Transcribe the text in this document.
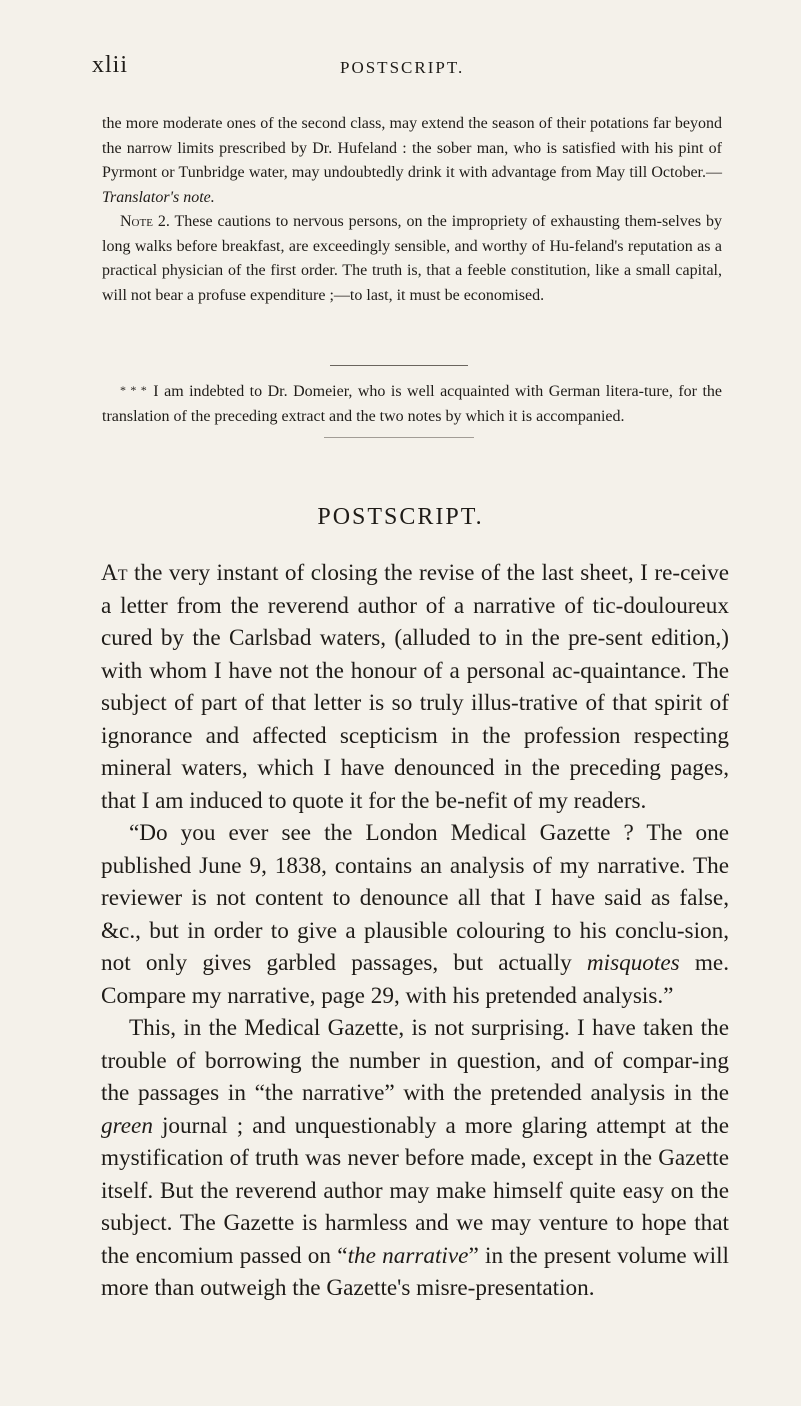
xlii	POSTSCRIPT.

the more moderate ones of the second class, may extend the season of their potations far beyond the narrow limits prescribed by Dr. Hufeland : the sober man, who is satisfied with his pint of Pyrmont or Tunbridge water, may undoubtedly drink it with advantage from May till October.—Translator's note.

Note 2. These cautions to nervous persons, on the impropriety of exhausting them-selves by long walks before breakfast, are exceedingly sensible, and worthy of Hu-feland's reputation as a practical physician of the first order. The truth is, that a feeble constitution, like a small capital, will not bear a profuse expenditure ;—to last, it must be economised.

* * * I am indebted to Dr. Domeier, who is well acquainted with German litera-ture, for the translation of the preceding extract and the two notes by which it is accompanied.

POSTSCRIPT.

At the very instant of closing the revise of the last sheet, I re-ceive a letter from the reverend author of a narrative of tic-douloureux cured by the Carlsbad waters, (alluded to in the pre-sent edition,) with whom I have not the honour of a personal ac-quaintance. The subject of part of that letter is so truly illus-trative of that spirit of ignorance and affected scepticism in the profession respecting mineral waters, which I have denounced in the preceding pages, that I am induced to quote it for the be-nefit of my readers.

“Do you ever see the London Medical Gazette ? The one published June 9, 1838, contains an analysis of my narrative. The reviewer is not content to denounce all that I have said as false, &c., but in order to give a plausible colouring to his conclu-sion, not only gives garbled passages, but actually misquotes me. Compare my narrative, page 29, with his pretended analysis.”

This, in the Medical Gazette, is not surprising. I have taken the trouble of borrowing the number in question, and of compar-ing the passages in “the narrative” with the pretended analysis in the green journal ; and unquestionably a more glaring attempt at the mystification of truth was never before made, except in the Gazette itself. But the reverend author may make himself quite easy on the subject. The Gazette is harmless and we may venture to hope that the encomium passed on “the narrative” in the present volume will more than outweigh the Gazette's misre-presentation.
